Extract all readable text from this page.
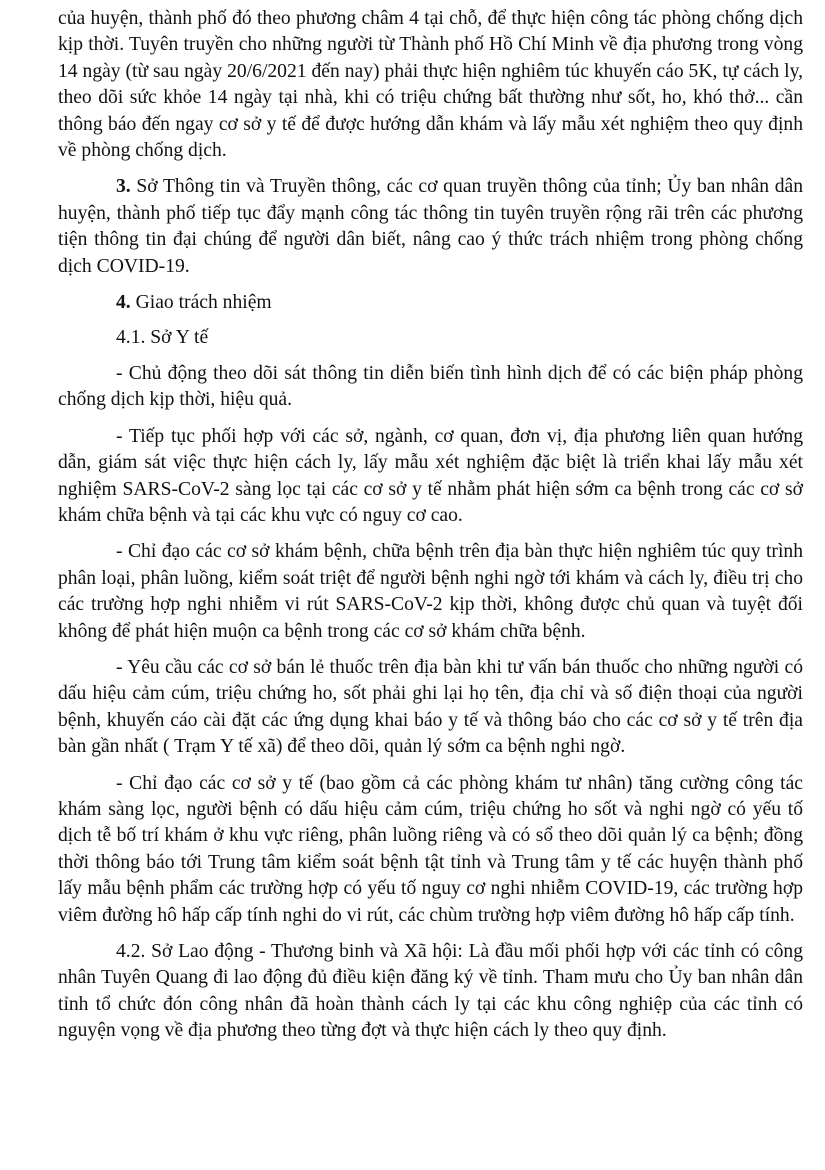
của huyện, thành phố đó theo phương châm 4 tại chỗ, để thực hiện công tác phòng chống dịch kịp thời. Tuyên truyền cho những người từ Thành phố Hồ Chí Minh về địa phương trong vòng 14 ngày (từ sau ngày 20/6/2021 đến nay) phải thực hiện nghiêm túc khuyến cáo 5K, tự cách ly, theo dõi sức khỏe 14 ngày tại nhà, khi có triệu chứng bất thường như sốt, ho, khó thở... cần thông báo đến ngay cơ sở y tế để được hướng dẫn khám và lấy mẫu xét nghiệm theo quy định về phòng chống dịch.

3. Sở Thông tin và Truyền thông, các cơ quan truyền thông của tỉnh; Ủy ban nhân dân huyện, thành phố tiếp tục đẩy mạnh công tác thông tin tuyên truyền rộng rãi trên các phương tiện thông tin đại chúng để người dân biết, nâng cao ý thức trách nhiệm trong phòng chống dịch COVID-19.

4. Giao trách nhiệm

4.1. Sở Y tế

- Chủ động theo dõi sát thông tin diễn biến tình hình dịch để có các biện pháp phòng chống dịch kịp thời, hiệu quả.

- Tiếp tục phối hợp với các sở, ngành, cơ quan, đơn vị, địa phương liên quan hướng dẫn, giám sát việc thực hiện cách ly, lấy mẫu xét nghiệm đặc biệt là triển khai lấy mẫu xét nghiệm SARS-CoV-2 sàng lọc tại các cơ sở y tế nhằm phát hiện sớm ca bệnh trong các cơ sở khám chữa bệnh và tại các khu vực có nguy cơ cao.

- Chỉ đạo các cơ sở khám bệnh, chữa bệnh trên địa bàn thực hiện nghiêm túc quy trình phân loại, phân luồng, kiểm soát triệt để người bệnh nghi ngờ tới khám và cách ly, điều trị cho các trường hợp nghi nhiễm vi rút SARS-CoV-2 kịp thời, không được chủ quan và tuyệt đối không để phát hiện muộn ca bệnh trong các cơ sở khám chữa bệnh.

- Yêu cầu các cơ sở bán lẻ thuốc trên địa bàn khi tư vấn bán thuốc cho những người có dấu hiệu cảm cúm, triệu chứng ho, sốt phải ghi lại họ tên, địa chỉ và số điện thoại của người bệnh, khuyến cáo cài đặt các ứng dụng khai báo y tế và thông báo cho các cơ sở y tế trên địa bàn gần nhất ( Trạm Y tế xã) để theo dõi, quản lý sớm ca bệnh nghi ngờ.

- Chỉ đạo các cơ sở y tế (bao gồm cả các phòng khám tư nhân) tăng cường công tác khám sàng lọc, người bệnh có dấu hiệu cảm cúm, triệu chứng ho sốt và nghi ngờ có yếu tố dịch tễ bố trí khám ở khu vực riêng, phân luồng riêng và có sổ theo dõi quản lý ca bệnh; đồng thời thông báo tới Trung tâm kiểm soát bệnh tật tỉnh và Trung tâm y tế các huyện thành phố lấy mẫu bệnh phẩm các trường hợp có yếu tố nguy cơ nghi nhiễm COVID-19, các trường hợp viêm đường hô hấp cấp tính nghi do vi rút, các chùm trường hợp viêm đường hô hấp cấp tính.

4.2. Sở Lao động - Thương binh và Xã hội: Là đầu mối phối hợp với các tỉnh có công nhân Tuyên Quang đi lao động đủ điều kiện đăng ký về tỉnh. Tham mưu cho Ủy ban nhân dân tỉnh tổ chức đón công nhân đã hoàn thành cách ly tại các khu công nghiệp của các tỉnh có nguyện vọng về địa phương theo từng đợt và thực hiện cách ly theo quy định.
